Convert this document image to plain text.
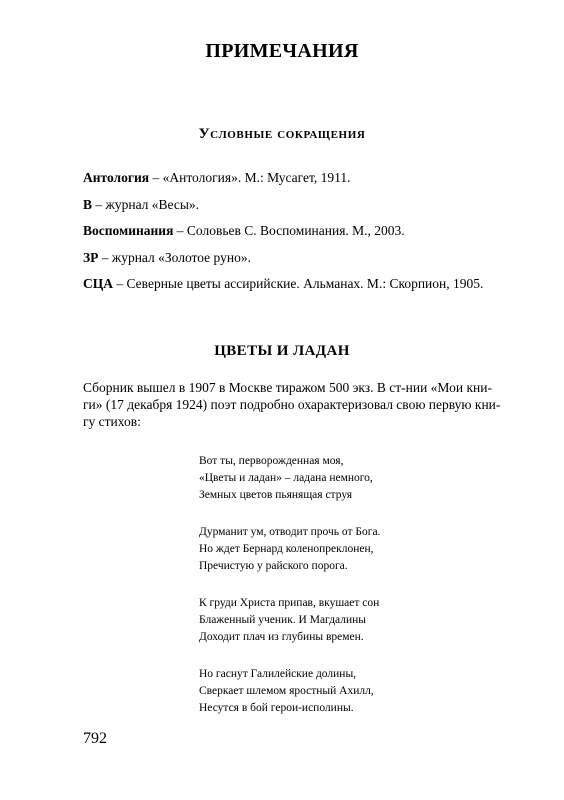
ПРИМЕЧАНИЯ
Условные сокращения
Антология – «Антология». М.: Мусагет, 1911.
В – журнал «Весы».
Воспоминания – Соловьев С. Воспоминания. М., 2003.
ЗР – журнал «Золотое руно».
СЦА – Северные цветы ассирийские. Альманах. М.: Скорпион, 1905.
ЦВЕТЫ И ЛАДАН
Сборник вышел в 1907 в Москве тиражом 500 экз. В ст-нии «Мои кни-
ги» (17 декабря 1924) поэт подробно охарактеризовал свою первую кни-
гу стихов:
Вот ты, перворожденная моя,
«Цветы и ладан» – ладана немного,
Земных цветов пьянящая струя
Дурманит ум, отводит прочь от Бога.
Но ждет Бернард коленопреклонен,
Пречистую у райского порога.
К груди Христа припав, вкушает сон
Блаженный ученик. И Магдалины
Доходит плач из глубины времен.
Но гаснут Галилейские долины,
Сверкает шлемом яростный Ахилл,
Несутся в бой герои-исполины.
792
